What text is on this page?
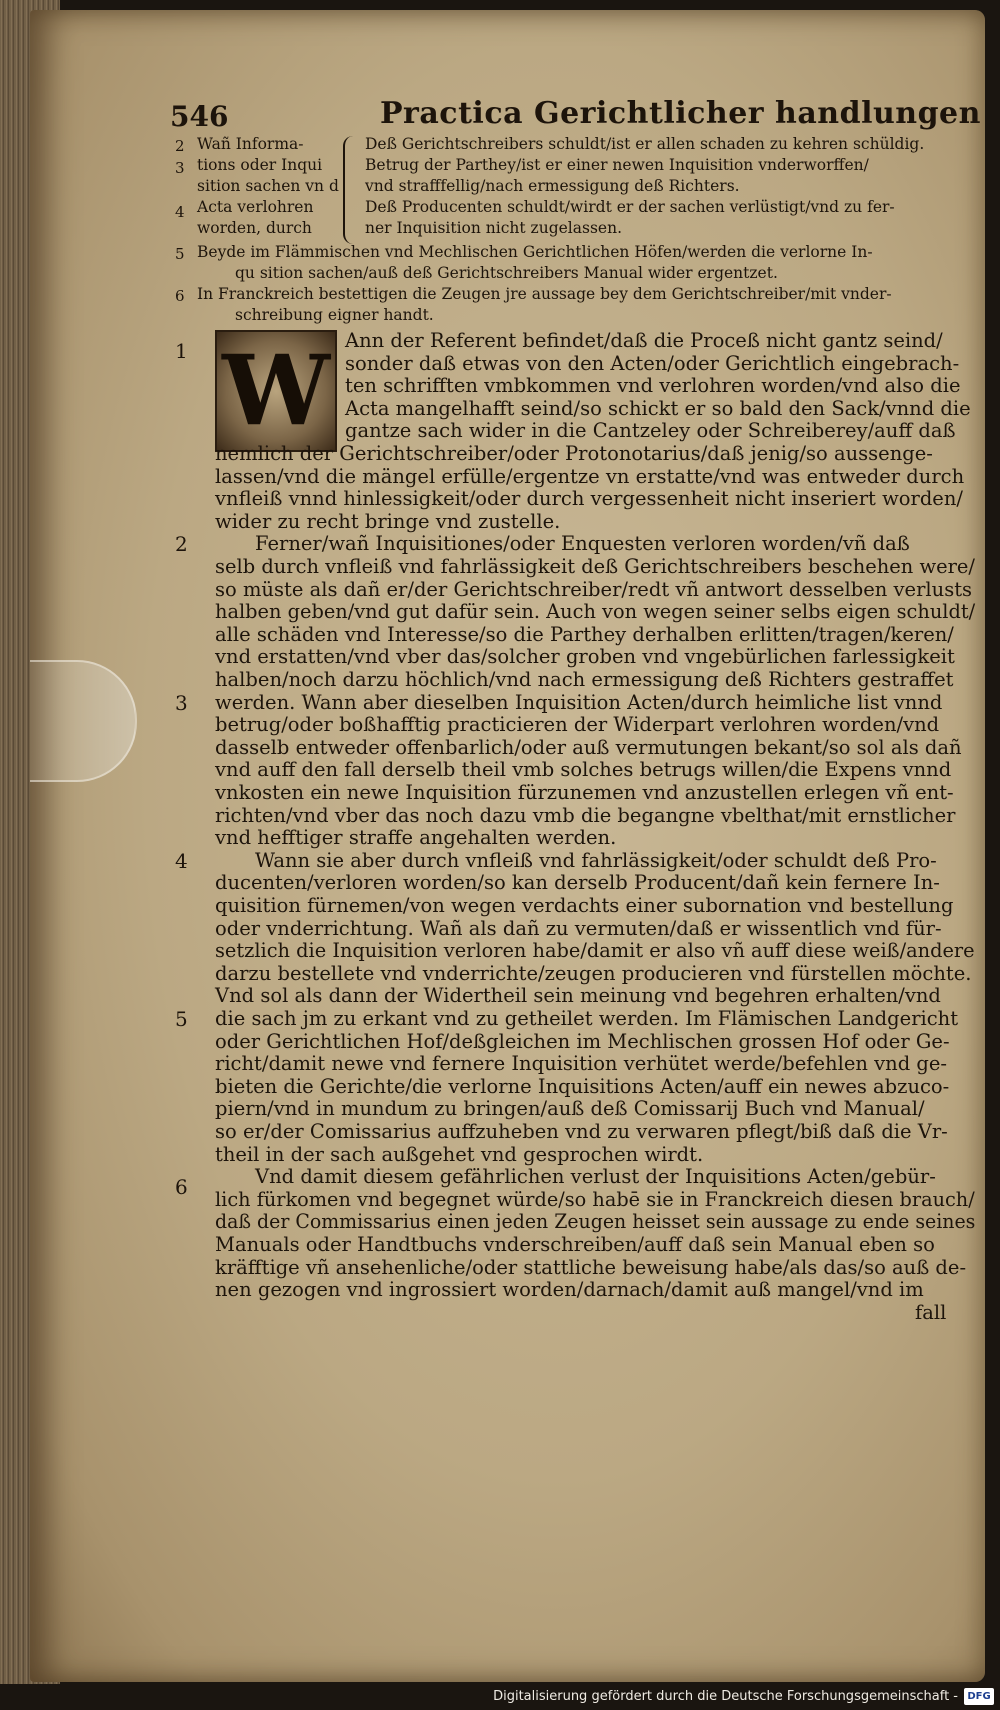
546	Practica Gerichtlicher handlungen
2
3
4
Wañ Informa-
tions oder Inqui
sition sachen vn d
Acta verlohren
worden, durch
Deß Gerichtschreibers schuldt/ist er allen schaden zu kehren schüldig.
Betrug der Parthey/ist er einer newen Inquisition vnderworffen/
vnd strafffellig/nach ermessigung deß Richters.
Deß Producenten schuldt/wirdt er der sachen verlüstigt/vnd zu fer-
ner Inquisition nicht zugelassen.
5 Beyde im Flämmischen vnd Mechlischen Gerichtlichen Höfen/werden die verlorne In-
qu sition sachen/auß deß Gerichtschreibers Manual wider ergentzet.
6 In Franckreich bestettigen die Zeugen jre aussage bey dem Gerichtschreiber/mit vnder-
schreibung eigner handt.
W
1	Ann der Referent befindet/daß die Proceß nicht gantz seind/
sonder daß etwas von den Acten/oder Gerichtlich eingebrach-
ten schrifften vmbkommen vnd verlohren worden/vnd also die
Acta mangelhafft seind/so schickt er so bald den Sack/vnnd die
gantze sach wider in die Cantzeley oder Schreiberey/auff daß
nemlich der Gerichtschreiber/oder Protonotarius/daß jenig/so aussenge-
lassen/vnd die mängel erfülle/ergentze vn erstatte/vnd was entweder durch
vnfleiß vnnd hinlessigkeit/oder durch vergessenheit nicht inseriert worden/
wider zu recht bringe vnd zustelle.
2	Ferner/wañ Inquisitiones/oder Enquesten verloren worden/vñ daß
selb durch vnfleiß vnd fahrlässigkeit deß Gerichtschreibers beschehen were/
so müste als dañ er/der Gerichtschreiber/redt vñ antwort desselben verlusts
halben geben/vnd gut dafür sein. Auch von wegen seiner selbs eigen schuldt/
alle schäden vnd Interesse/so die Parthey derhalben erlitten/tragen/keren/
vnd erstatten/vnd vber das/solcher groben vnd vngebürlichen farlessigkeit
halben/noch darzu höchlich/vnd nach ermessigung deß Richters gestraffet
3 werden. Wann aber dieselben Inquisition Acten/durch heimliche list vnnd
betrug/oder boßhafftig practicieren der Widerpart verlohren worden/vnd
dasselb entweder offenbarlich/oder auß vermutungen bekant/so sol als dañ
vnd auff den fall derselb theil vmb solches betrugs willen/die Expens vnnd
vnkosten ein newe Inquisition fürzunemen vnd anzustellen erlegen vñ ent-
richten/vnd vber das noch dazu vmb die begangne vbelthat/mit ernstlicher
vnd hefftiger straffe angehalten werden.
4	Wann sie aber durch vnfleiß vnd fahrlässigkeit/oder schuldt deß Pro-
ducenten/verloren worden/so kan derselb Producent/dañ kein fernere In-
quisition fürnemen/von wegen verdachts einer subornation vnd bestellung
oder vnderrichtung. Wañ als dañ zu vermuten/daß er wissentlich vnd für-
setzlich die Inquisition verloren habe/damit er also vñ auff diese weiß/andere
darzu bestellete vnd vnderrichte/zeugen producieren vnd fürstellen möchte.
Vnd sol als dann der Widertheil sein meinung vnd begehren erhalten/vnd
5 die sach jm zu erkant vnd zu getheilet werden. Im Flämischen Landgericht
oder Gerichtlichen Hof/deßgleichen im Mechlischen grossen Hof oder Ge-
richt/damit newe vnd fernere Inquisition verhütet werde/befehlen vnd ge-
bieten die Gerichte/die verlorne Inquisitions Acten/auff ein newes abzuco-
piern/vnd in mundum zu bringen/auß deß Comissarij Buch vnd Manual/
so er/der Comissarius auffzuheben vnd zu verwaren pflegt/biß daß die Vr-
theil in der sach außgehet vnd gesprochen wirdt.
6	Vnd damit diesem gefährlichen verlust der Inquisitions Acten/gebür-
lich fürkomen vnd begegnet würde/so habē sie in Franckreich diesen brauch/
daß der Commissarius einen jeden Zeugen heisset sein aussage zu ende seines
Manuals oder Handtbuchs vnderschreiben/auff daß sein Manual eben so
kräfftige vñ ansehenliche/oder stattliche beweisung habe/als das/so auß de-
nen gezogen vnd ingrossiert worden/darnach/damit auß mangel/vnd im
fall
Digitalisierung gefördert durch die Deutsche Forschungsgemeinschaft - DFG
